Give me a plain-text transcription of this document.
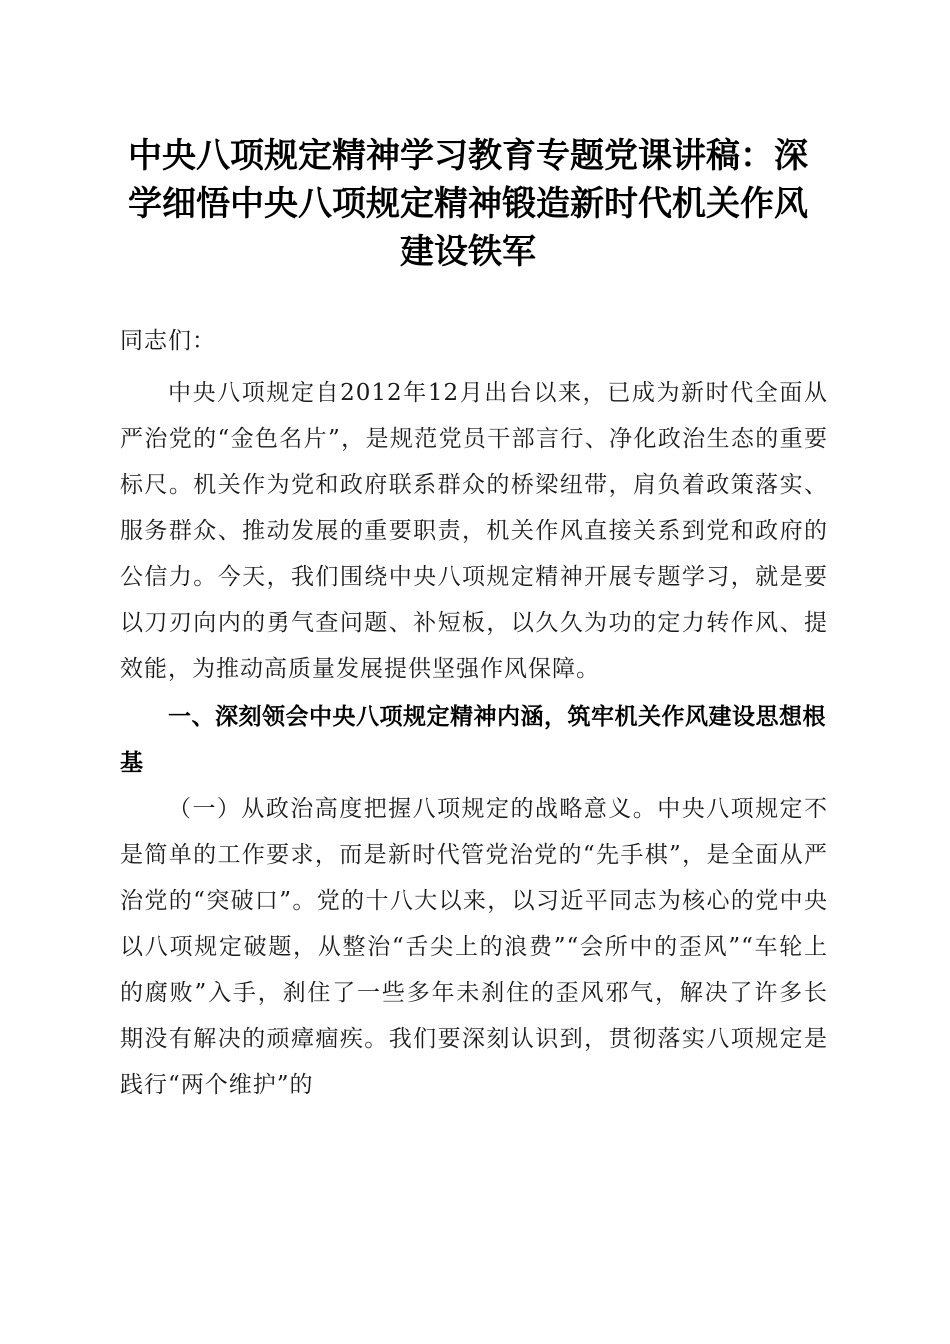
中央八项规定精神学习教育专题党课讲稿：深学细悟中央八项规定精神锻造新时代机关作风建设铁军

同志们：

中央八项规定自2012年12月出台以来，已成为新时代全面从严治党的“金色名片”，是规范党员干部言行、净化政治生态的重要标尺。机关作为党和政府联系群众的桥梁纽带，肩负着政策落实、服务群众、推动发展的重要职责，机关作风直接关系到党和政府的公信力。今天，我们围绕中央八项规定精神开展专题学习，就是要以刀刃向内的勇气查问题、补短板，以久久为功的定力转作风、提效能，为推动高质量发展提供坚强作风保障。

一、深刻领会中央八项规定精神内涵，筑牢机关作风建设思想根基

（一）从政治高度把握八项规定的战略意义。中央八项规定不是简单的工作要求，而是新时代管党治党的“先手棋”，是全面从严治党的“突破口”。党的十八大以来，以习近平同志为核心的党中央以八项规定破题，从整治“舌尖上的浪费”“会所中的歪风”“车轮上的腐败”入手，刹住了一些多年未刹住的歪风邪气，解决了许多长期没有解决的顽瘴痼疾。我们要深刻认识到，贯彻落实八项规定是践行“两个维护”的
